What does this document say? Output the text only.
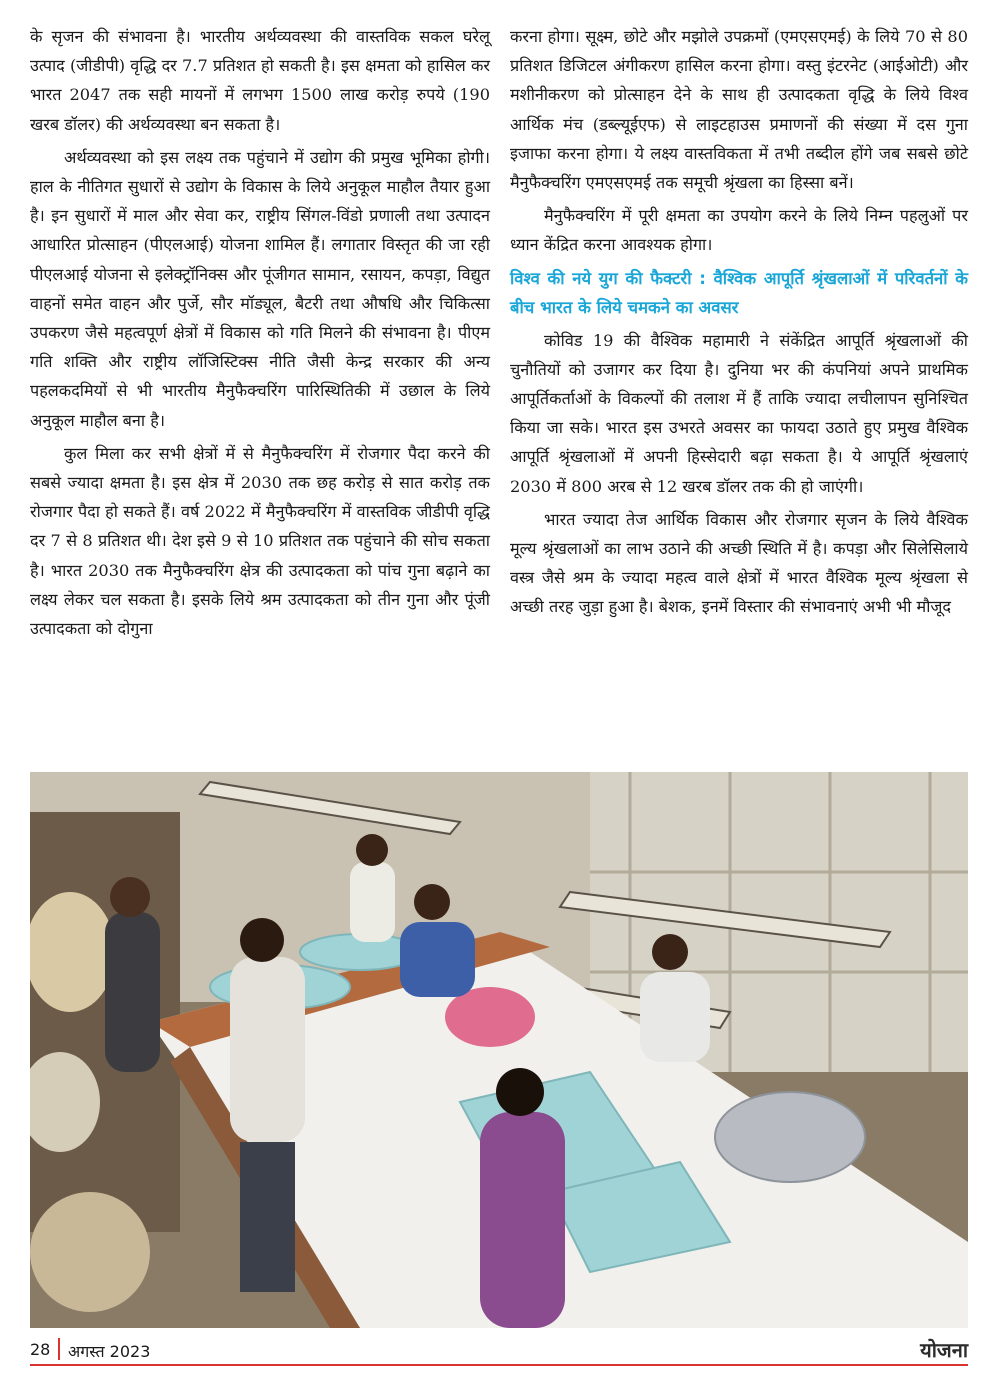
के सृजन की संभावना है। भारतीय अर्थव्यवस्था की वास्तविक सकल घरेलू उत्पाद (जीडीपी) वृद्धि दर 7.7 प्रतिशत हो सकती है। इस क्षमता को हासिल कर भारत 2047 तक सही मायनों में लगभग 1500 लाख करोड़ रुपये (190 खरब डॉलर) की अर्थव्यवस्था बन सकता है।

अर्थव्यवस्था को इस लक्ष्य तक पहुंचाने में उद्योग की प्रमुख भूमिका होगी। हाल के नीतिगत सुधारों से उद्योग के विकास के लिये अनुकूल माहौल तैयार हुआ है। इन सुधारों में माल और सेवा कर, राष्ट्रीय सिंगल-विंडो प्रणाली तथा उत्पादन आधारित प्रोत्साहन (पीएलआई) योजना शामिल हैं। लगातार विस्तृत की जा रही पीएलआई योजना से इलेक्ट्रॉनिक्स और पूंजीगत सामान, रसायन, कपड़ा, विद्युत वाहनों समेत वाहन और पुर्जे, सौर मॉड्यूल, बैटरी तथा औषधि और चिकित्सा उपकरण जैसे महत्वपूर्ण क्षेत्रों में विकास को गति मिलने की संभावना है। पीएम गति शक्ति और राष्ट्रीय लॉजिस्टिक्स नीति जैसी केन्द्र सरकार की अन्य पहलकदमियों से भी भारतीय मैनुफैक्चरिंग पारिस्थितिकी में उछाल के लिये अनुकूल माहौल बना है।

कुल मिला कर सभी क्षेत्रों में से मैनुफैक्चरिंग में रोजगार पैदा करने की सबसे ज्यादा क्षमता है। इस क्षेत्र में 2030 तक छह करोड़ से सात करोड़ तक रोजगार पैदा हो सकते हैं। वर्ष 2022 में मैनुफैक्चरिंग में वास्तविक जीडीपी वृद्धि दर 7 से 8 प्रतिशत थी। देश इसे 9 से 10 प्रतिशत तक पहुंचाने की सोच सकता है। भारत 2030 तक मैनुफैक्चरिंग क्षेत्र की उत्पादकता को पांच गुना बढ़ाने का लक्ष्य लेकर चल सकता है। इसके लिये श्रम उत्पादकता को तीन गुना और पूंजी उत्पादकता को दोगुना

करना होगा। सूक्ष्म, छोटे और मझोले उपक्रमों (एमएसएमई) के लिये 70 से 80 प्रतिशत डिजिटल अंगीकरण हासिल करना होगा। वस्तु इंटरनेट (आईओटी) और मशीनीकरण को प्रोत्साहन देने के साथ ही उत्पादकता वृद्धि के लिये विश्व आर्थिक मंच (डब्ल्यूईएफ) से लाइटहाउस प्रमाणनों की संख्या में दस गुना इजाफा करना होगा। ये लक्ष्य वास्तविकता में तभी तब्दील होंगे जब सबसे छोटे मैनुफैक्चरिंग एमएसएमई तक समूची श्रृंखला का हिस्सा बनें।

मैनुफैक्चरिंग में पूरी क्षमता का उपयोग करने के लिये निम्न पहलुओं पर ध्यान केंद्रित करना आवश्यक होगा।

विश्व की नये युग की फैक्टरी : वैश्विक आपूर्ति श्रृंखलाओं में परिवर्तनों के बीच भारत के लिये चमकने का अवसर

कोविड 19 की वैश्विक महामारी ने संकेंद्रित आपूर्ति श्रृंखलाओं की चुनौतियों को उजागर कर दिया है। दुनिया भर की कंपनियां अपने प्राथमिक आपूर्तिकर्ताओं के विकल्पों की तलाश में हैं ताकि ज्यादा लचीलापन सुनिश्चित किया जा सके। भारत इस उभरते अवसर का फायदा उठाते हुए प्रमुख वैश्विक आपूर्ति श्रृंखलाओं में अपनी हिस्सेदारी बढ़ा सकता है। ये आपूर्ति श्रृंखलाएं 2030 में 800 अरब से 12 खरब डॉलर तक की हो जाएंगी।

भारत ज्यादा तेज आर्थिक विकास और रोजगार सृजन के लिये वैश्विक मूल्य श्रृंखलाओं का लाभ उठाने की अच्छी स्थिति में है। कपड़ा और सिलेसिलाये वस्त्र जैसे श्रम के ज्यादा महत्व वाले क्षेत्रों में भारत वैश्विक मूल्य श्रृंखला से अच्छी तरह जुड़ा हुआ है। बेशक, इनमें विस्तार की संभावनाएं अभी भी मौजूद

28 अगस्त 2023	योजना
